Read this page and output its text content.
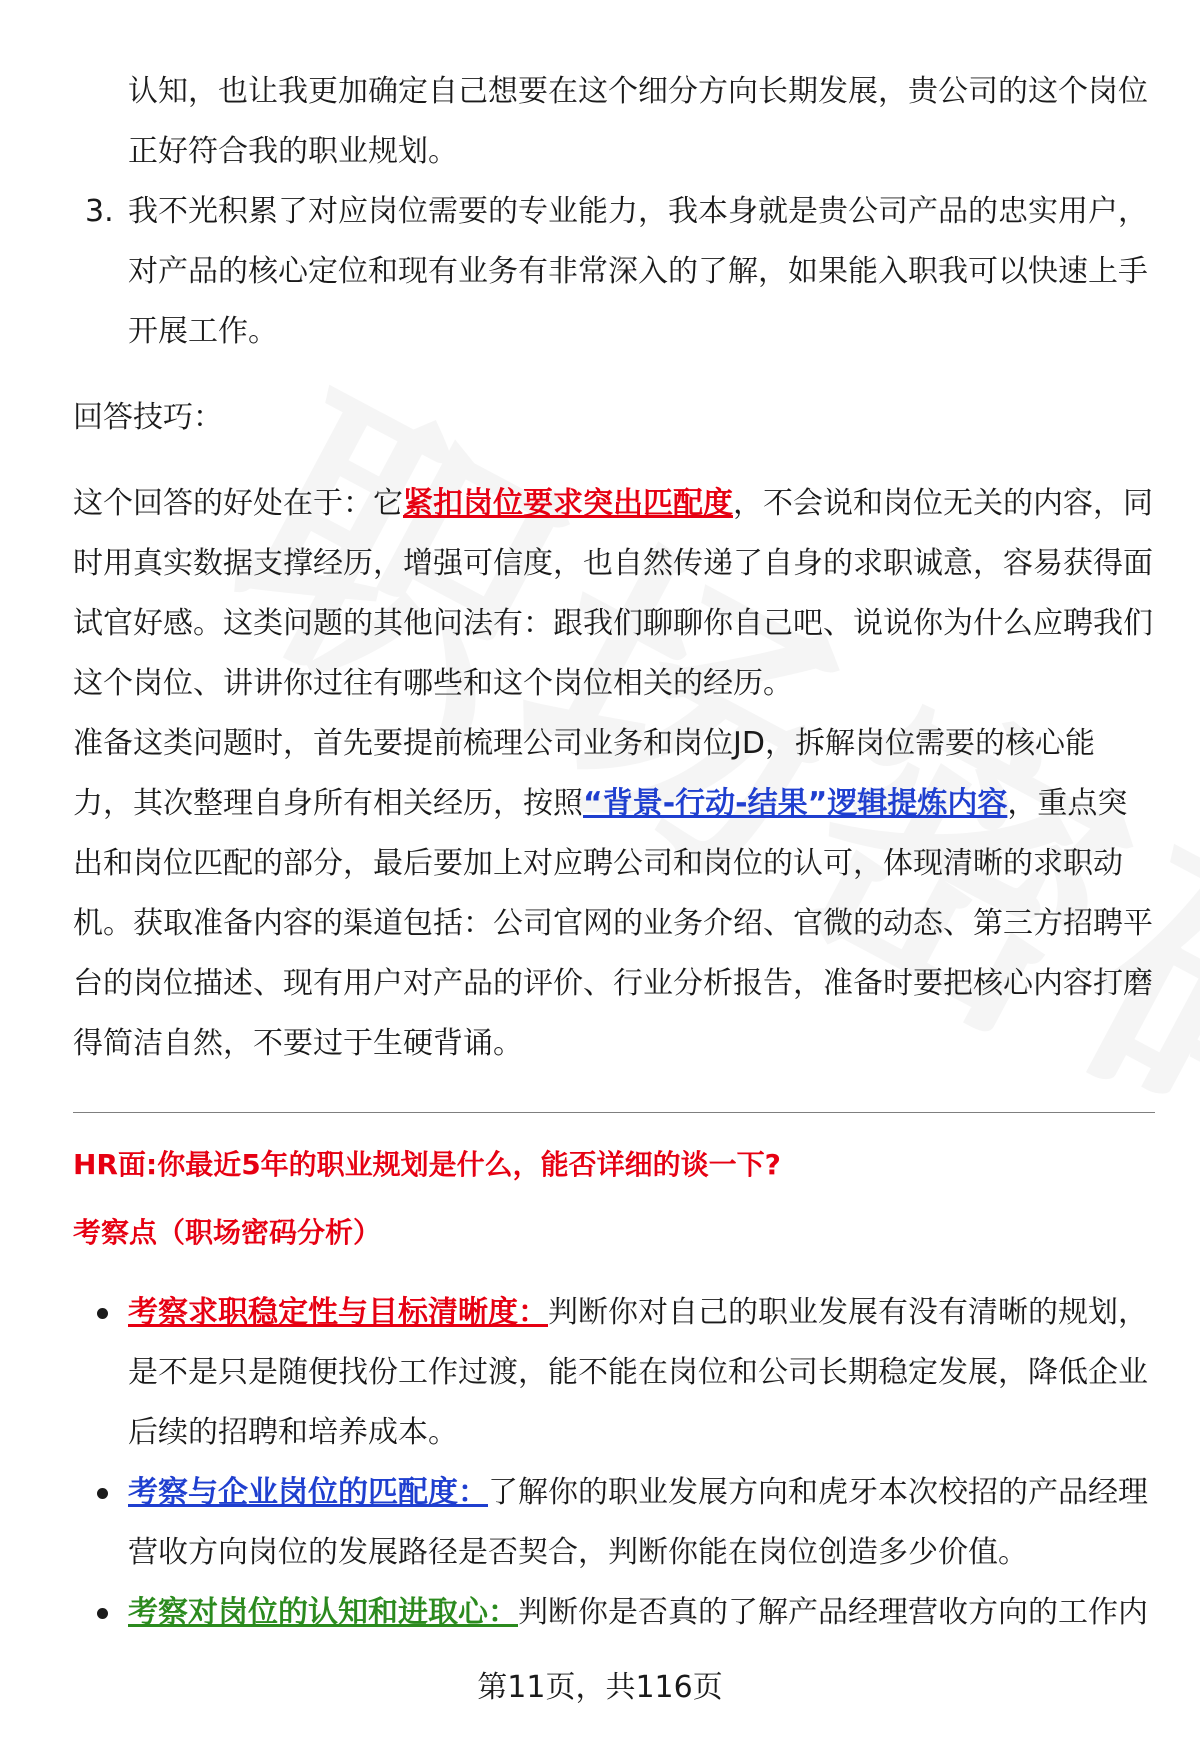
认知，也让我更加确定自己想要在这个细分方向长期发展，贵公司的这个岗位

正好符合我的职业规划。

3. 我不光积累了对应岗位需要的专业能力，我本身就是贵公司产品的忠实用户，对产品的核心定位和现有业务有非常深入的了解，如果能入职我可以快速上手开展工作。

回答技巧：

这个回答的好处在于：它紧扣岗位要求突出匹配度，不会说和岗位无关的内容，同时用真实数据支撑经历，增强可信度，也自然传递了自身的求职诚意，容易获得面试官好感。这类问题的其他问法有：跟我们聊聊你自己吧、说说你为什么应聘我们这个岗位、讲讲你过往有哪些和这个岗位相关的经历。

准备这类问题时，首先要提前梳理公司业务和岗位JD，拆解岗位需要的核心能力，其次整理自身所有相关经历，按照“背景-行动-结果”逻辑提炼内容，重点突出和岗位匹配的部分，最后要加上对应聘公司和岗位的认可，体现清晰的求职动机。获取准备内容的渠道包括：公司官网的业务介绍、官微的动态、第三方招聘平台的岗位描述、现有用户对产品的评价、行业分析报告，准备时要把核心内容打磨得简洁自然，不要过于生硬背诵。

HR面:你最近5年的职业规划是什么，能否详细的谈一下?
考察点（职场密码分析）
考察求职稳定性与目标清晰度：判断你对自己的职业发展有没有清晰的规划，是不是只是随便找份工作过渡，能不能在岗位和公司长期稳定发展，降低企业后续的招聘和培养成本。
考察与企业岗位的匹配度：了解你的职业发展方向和虎牙本次校招的产品经理营收方向岗位的发展路径是否契合，判断你能在岗位创造多少价值。
考察对岗位的认知和进取心：判断你是否真的了解产品经理营收方向的工作内
第11页，共116页
